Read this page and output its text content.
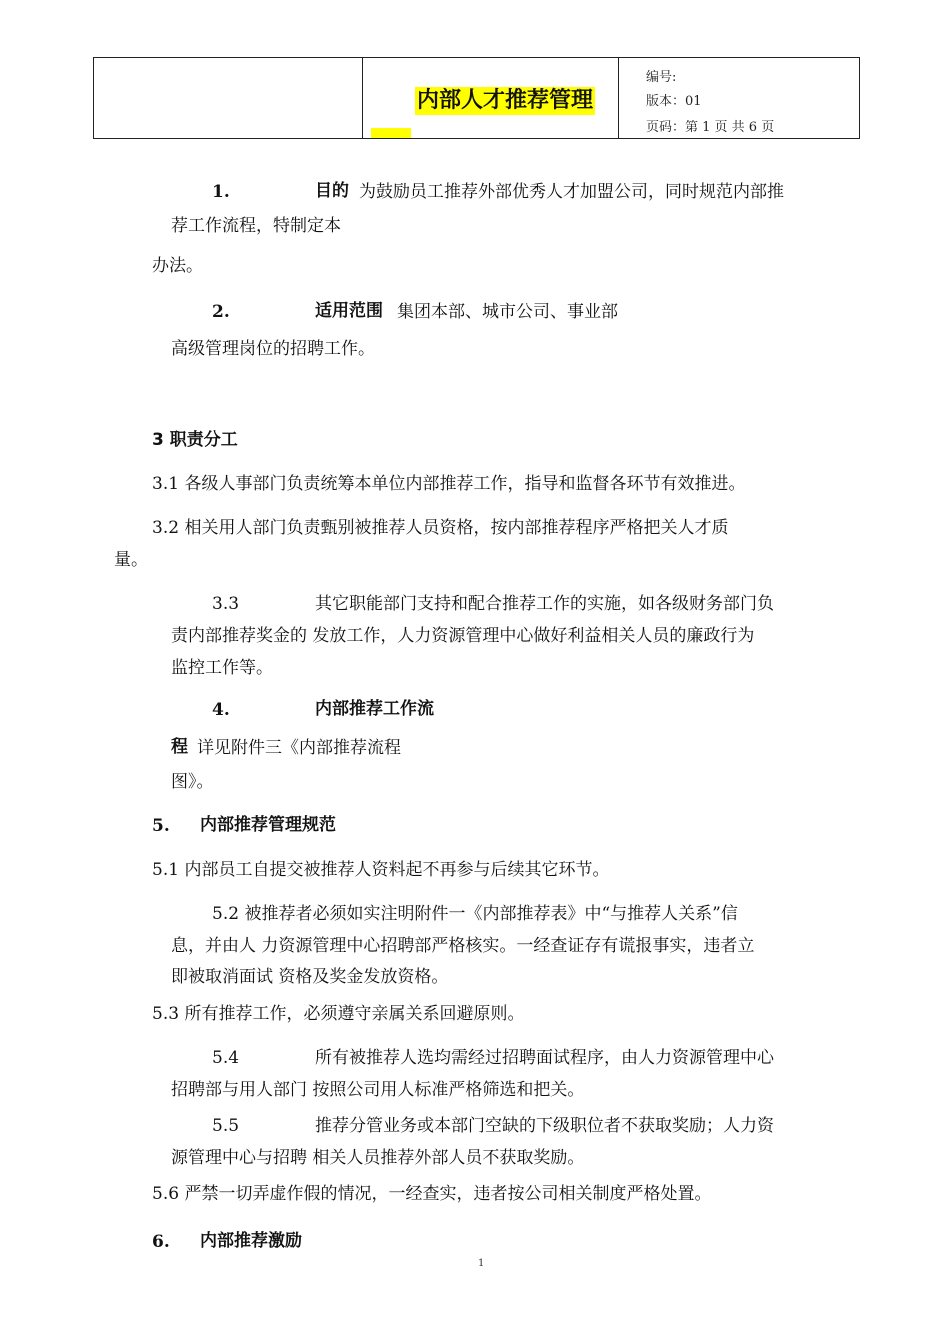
内部人才推荐管理
编号:
版本：01
页码：第 1 页 共 6 页
1.	目的 为鼓励员工推荐外部优秀人才加盟公司，同时规范内部推
荐工作流程，特制定本
办法。
2.	适用范围 集团本部、城市公司、事业部
高级管理岗位的招聘工作。
3 职责分工
3.1 各级人事部门负责统筹本单位内部推荐工作，指导和监督各环节有效推进。
3.2 相关用人部门负责甄别被推荐人员资格，按内部推荐程序严格把关人才质
量。
3.3	其它职能部门支持和配合推荐工作的实施，如各级财务部门负
责内部推荐奖金的 发放工作，人力资源管理中心做好利益相关人员的廉政行为
监控工作等。
4.	内部推荐工作流
程 详见附件三《内部推荐流程
图》。
5. 内部推荐管理规范
5.1 内部员工自提交被推荐人资料起不再参与后续其它环节。
5.2 被推荐者必须如实注明附件一《内部推荐表》中“与推荐人关系”信
息，并由人 力资源管理中心招聘部严格核实。一经查证存有谎报事实，违者立
即被取消面试 资格及奖金发放资格。
5.3 所有推荐工作，必须遵守亲属关系回避原则。
5.4	所有被推荐人选均需经过招聘面试程序，由人力资源管理中心
招聘部与用人部门 按照公司用人标准严格筛选和把关。
5.5	推荐分管业务或本部门空缺的下级职位者不获取奖励；人力资
源管理中心与招聘 相关人员推荐外部人员不获取奖励。
5.6 严禁一切弄虚作假的情况，一经查实，违者按公司相关制度严格处置。
6. 内部推荐激励
1
